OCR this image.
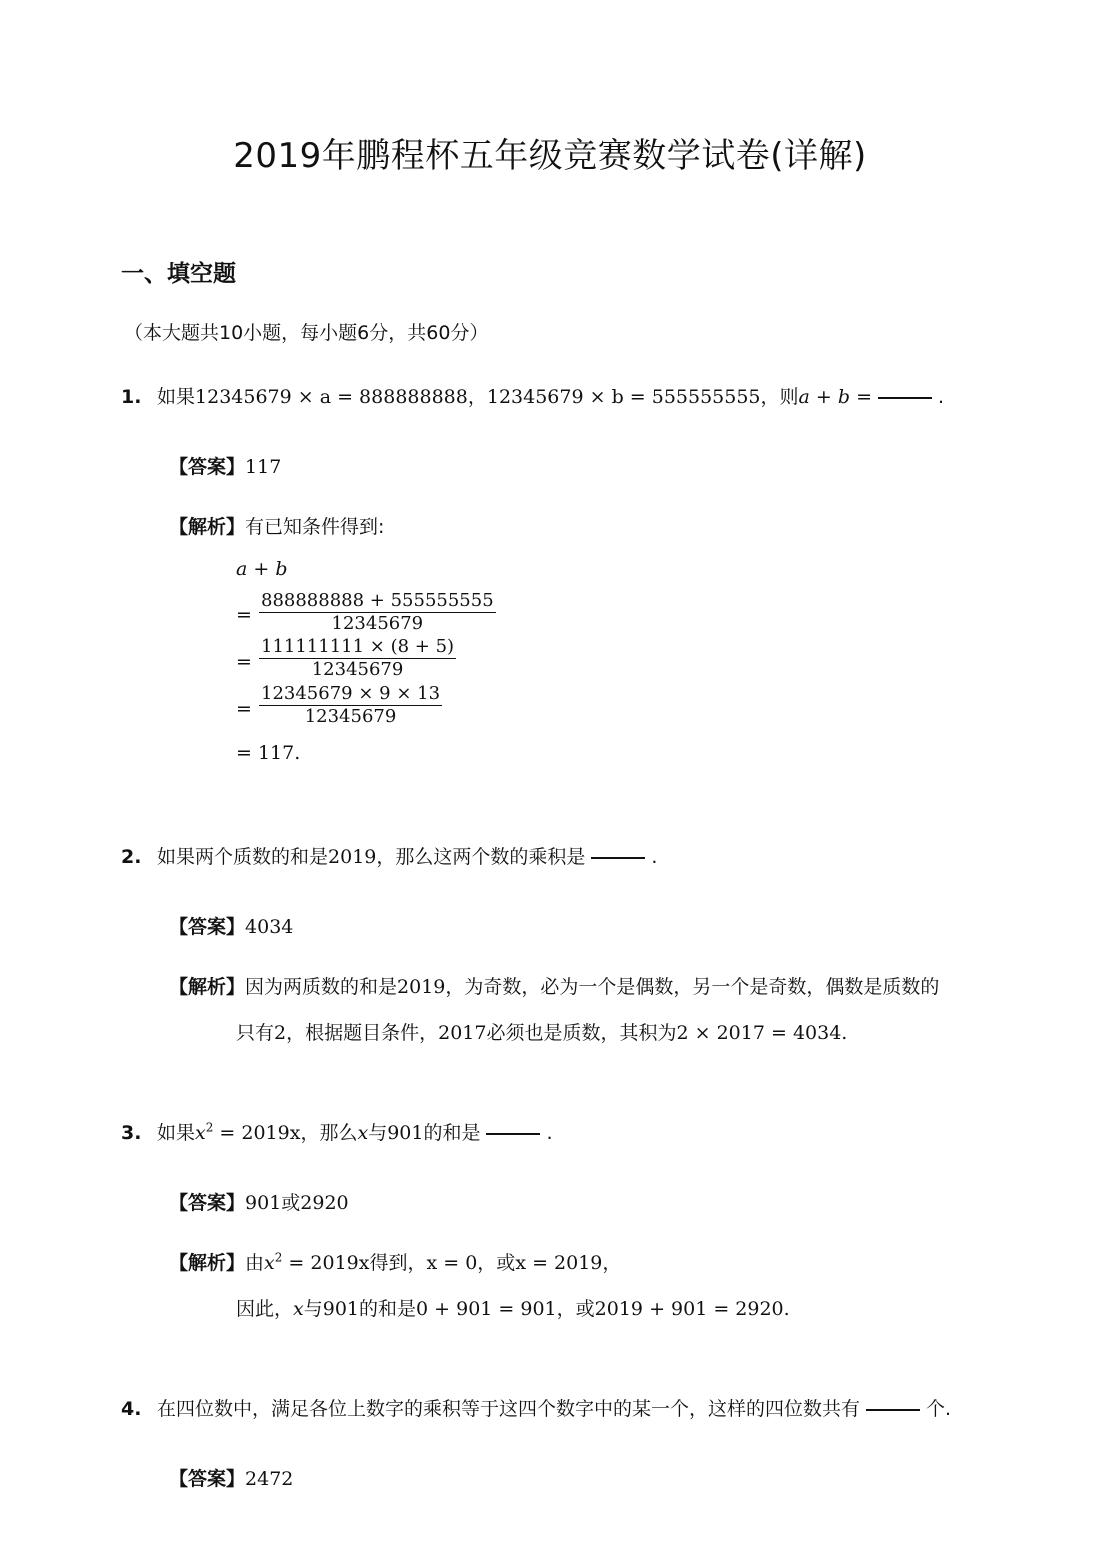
2019年鹏程杯五年级竞赛数学试卷(详解)
一、填空题
（本大题共10小题，每小题6分，共60分）
1. 如果12345679 × a = 888888888，12345679 × b = 555555555，则a + b =	.
【答案】117
【解析】有已知条件得到:
a + b
=
888888888 + 555555555
12345679
=
111111111 × (8 + 5)
12345679
=
12345679 × 9 × 13
12345679
= 117.
2. 如果两个质数的和是2019，那么这两个数的乘积是	.
【答案】4034
【解析】因为两质数的和是2019，为奇数，必为一个是偶数，另一个是奇数，偶数是质数的
只有2，根据题目条件，2017必须也是质数，其积为2 × 2017 = 4034.
3. 如果$x^2 = 2019x$，那么x与901的和是	.
【答案】901或2920
【解析】由$x^2 = 2019x$得到，x = 0，或x = 2019，
因此，x与901的和是0 + 901 = 901，或2019 + 901 = 2920.
4. 在四位数中，满足各位上数字的乘积等于这四个数字中的某一个，这样的四位数共有	个.
【答案】2472
